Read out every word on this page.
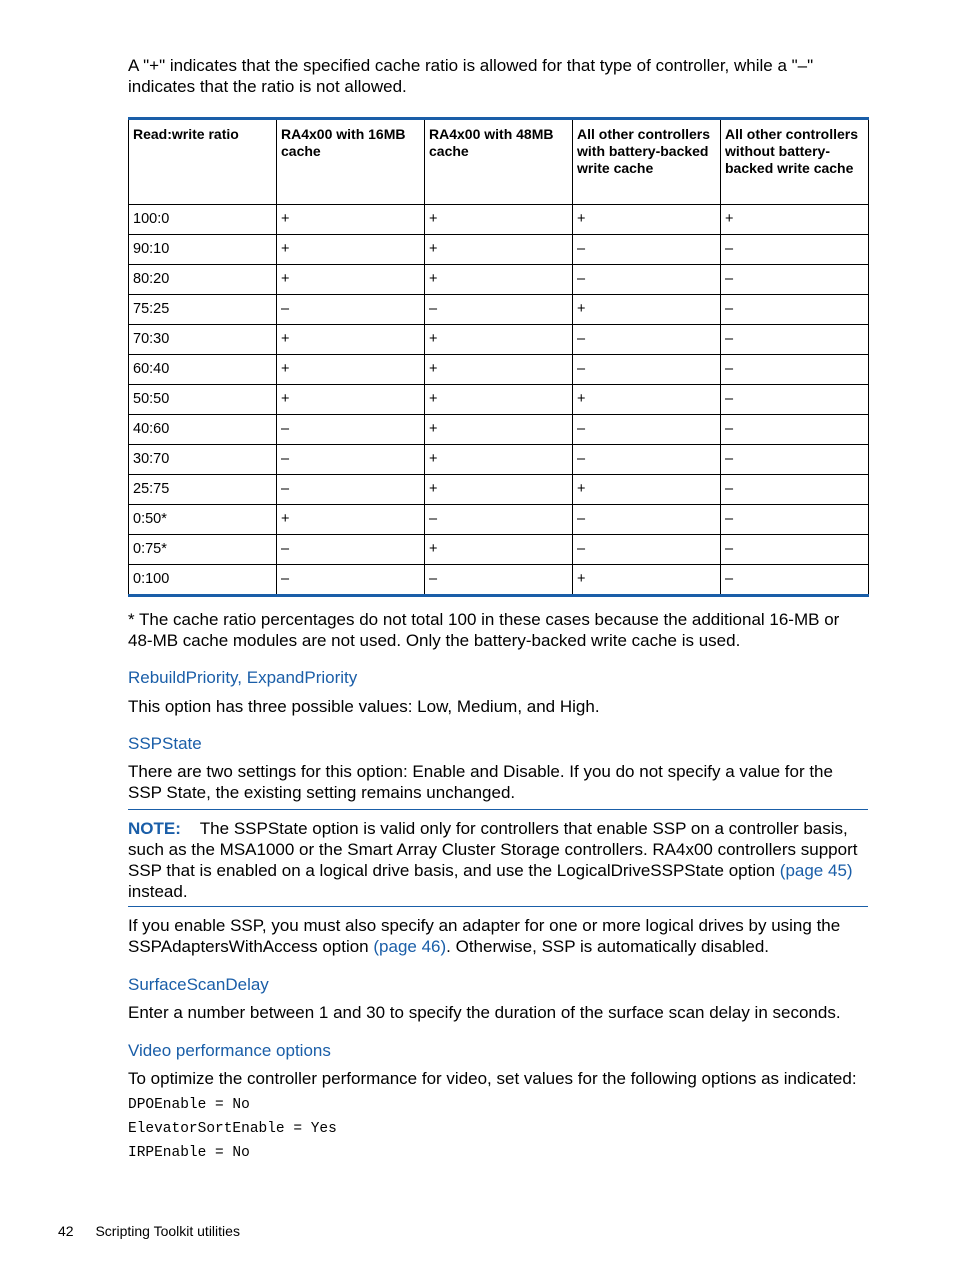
A "+" indicates that the specified cache ratio is allowed for that type of controller, while a "–" indicates that the ratio is not allowed.

Read:write ratio	RA4x00 with 16MB cache	RA4x00 with 48MB cache	All other controllers with battery-backed write cache	All other controllers without battery-backed write cache
100:0	+	+	+	+
90:10	+	+	–	–
80:20	+	+	–	–
75:25	–	–	+	–
70:30	+	+	–	–
60:40	+	+	–	–
50:50	+	+	+	–
40:60	–	+	–	–
30:70	–	+	–	–
25:75	–	+	+	–
0:50*	+	–	–	–
0:75*	–	+	–	–
0:100	–	–	+	–

* The cache ratio percentages do not total 100 in these cases because the additional 16-MB or 48-MB cache modules are not used. Only the battery-backed write cache is used.

RebuildPriority, ExpandPriority

This option has three possible values: Low, Medium, and High.

SSPState

There are two settings for this option: Enable and Disable. If you do not specify a value for the SSP State, the existing setting remains unchanged.

NOTE: The SSPState option is valid only for controllers that enable SSP on a controller basis, such as the MSA1000 or the Smart Array Cluster Storage controllers. RA4x00 controllers support SSP that is enabled on a logical drive basis, and use the LogicalDriveSSPState option (page 45) instead.

If you enable SSP, you must also specify an adapter for one or more logical drives by using the SSPAdaptersWithAccess option (page 46). Otherwise, SSP is automatically disabled.

SurfaceScanDelay

Enter a number between 1 and 30 to specify the duration of the surface scan delay in seconds.

Video performance options

To optimize the controller performance for video, set values for the following options as indicated:

DPOEnable = No

ElevatorSortEnable = Yes

IRPEnable = No

42 Scripting Toolkit utilities
